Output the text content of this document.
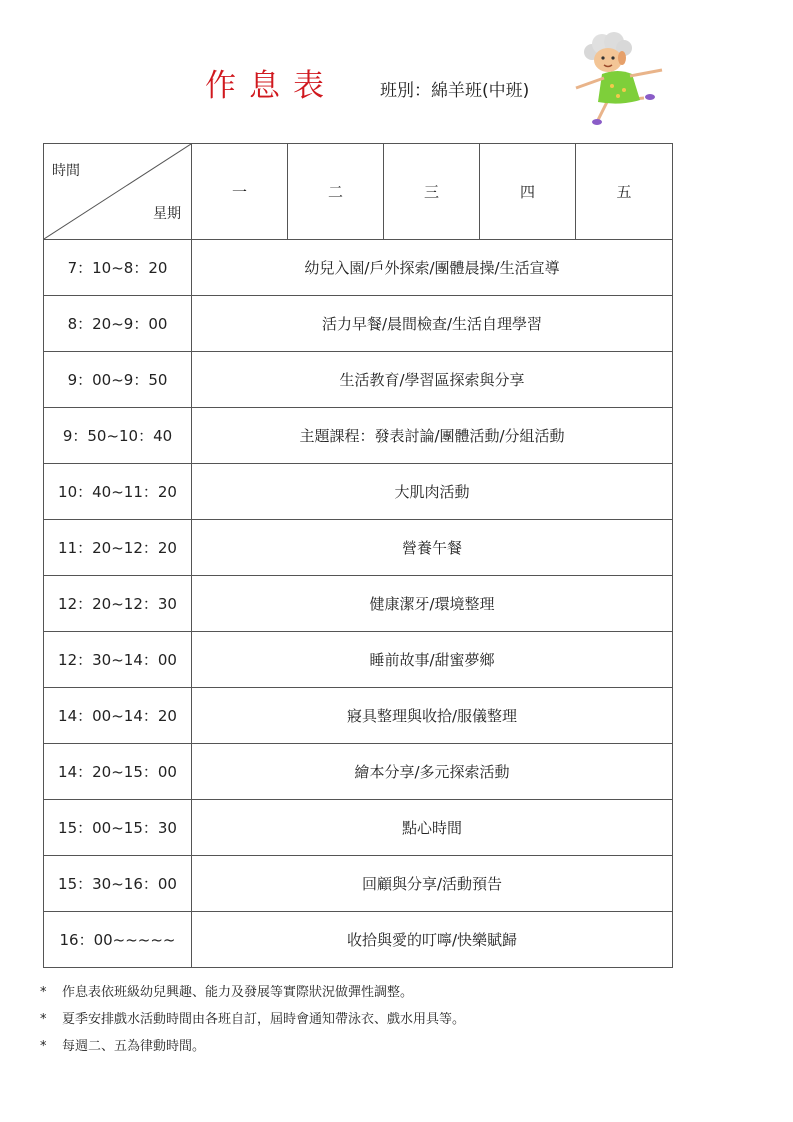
作息表	班別：綿羊班(中班)
時間
星期	一	二	三	四	五
7：10~8：20	幼兒入園/戶外探索/團體晨操/生活宣導				
8：20~9：00	活力早餐/晨間檢查/生活自理學習				
9：00~9：50	生活教育/學習區探索與分享				
9：50~10：40	主題課程：發表討論/團體活動/分組活動				
10：40~11：20	大肌肉活動				
11：20~12：20	營養午餐				
12：20~12：30	健康潔牙/環境整理				
12：30~14：00	睡前故事/甜蜜夢鄉				
14：00~14：20	寢具整理與收拾/服儀整理				
14：20~15：00	繪本分享/多元探索活動				
15：00~15：30	點心時間				
15：30~16：00	回顧與分享/活動預告				
16：00~~~~~	收拾與愛的叮嚀/快樂賦歸				
* 作息表依班級幼兒興趣、能力及發展等實際狀況做彈性調整。
* 夏季安排戲水活動時間由各班自訂，屆時會通知帶泳衣、戲水用具等。
* 每週二、五為律動時間。
